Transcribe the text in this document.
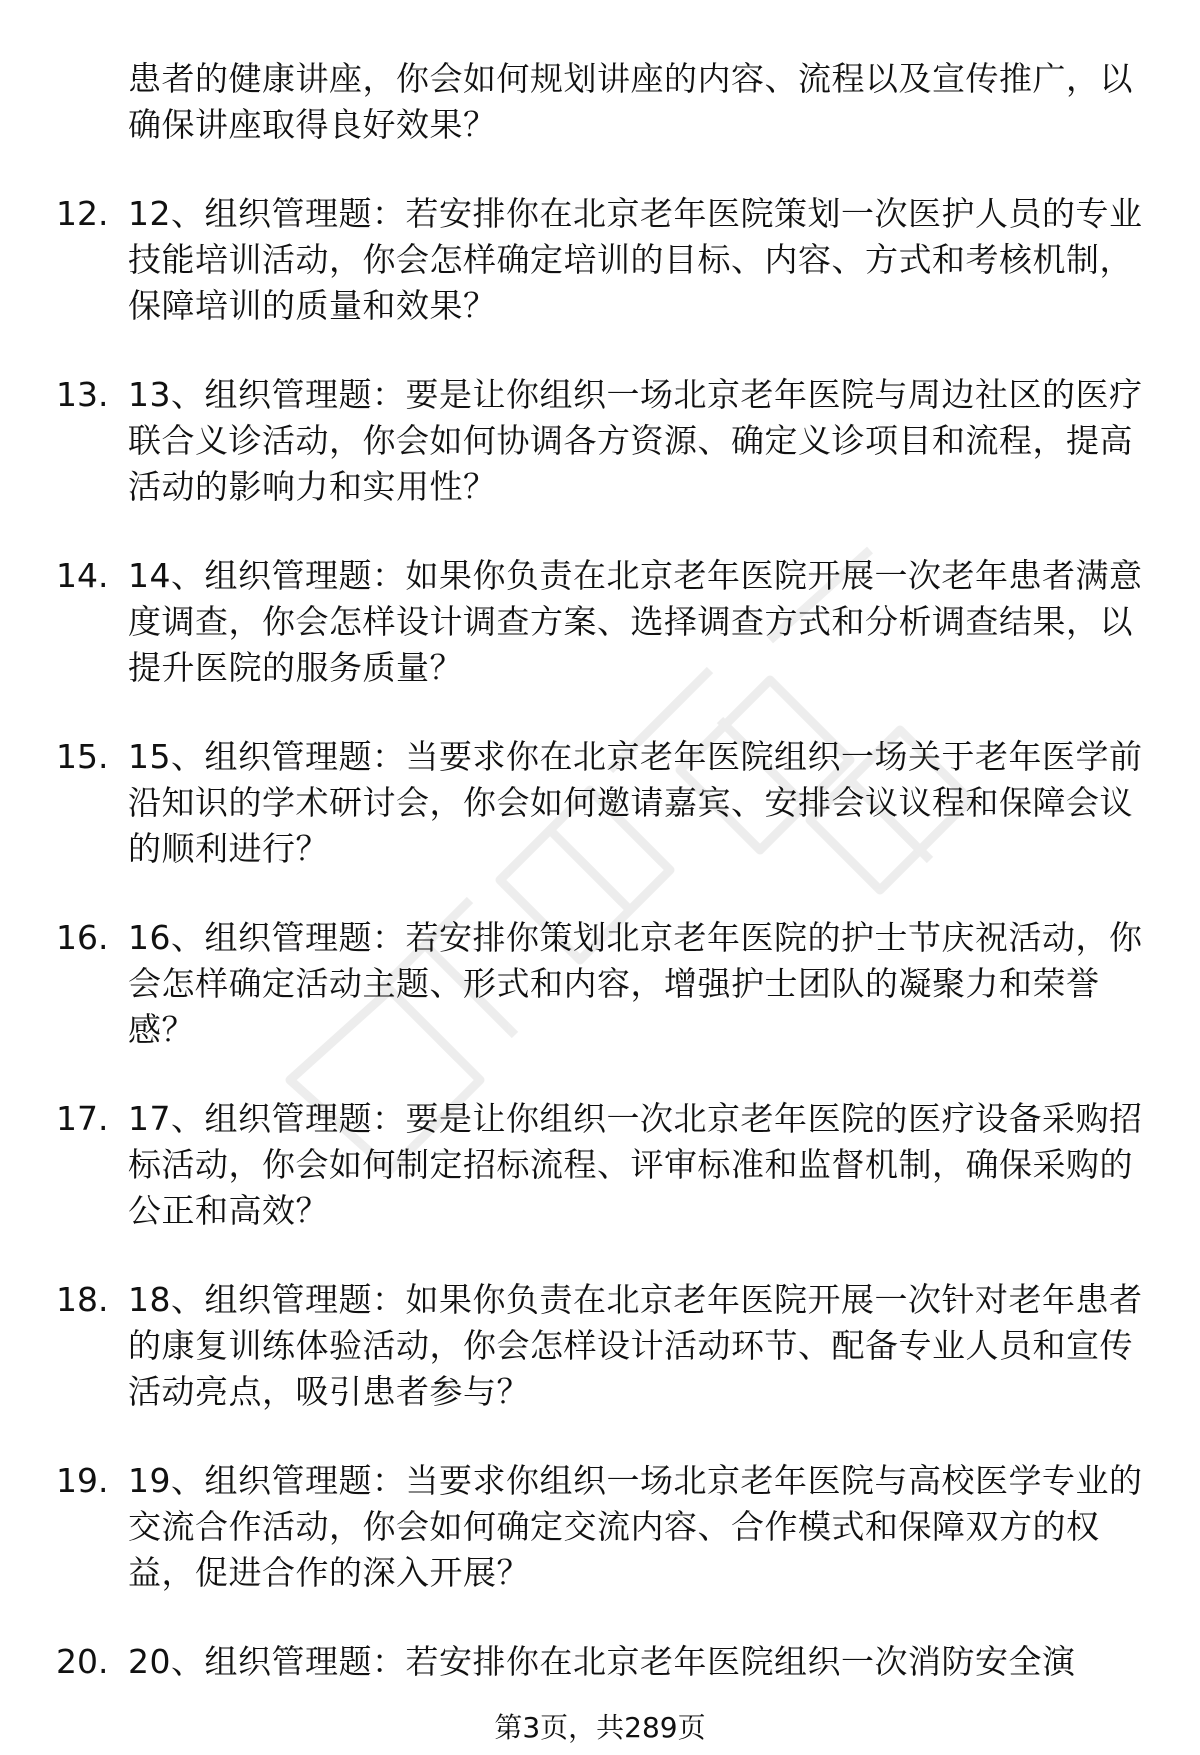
患者的健康讲座，你会如何规划讲座的内容、流程以及宣传推广，以确保讲座取得良好效果？
12. 12、组织管理题：若安排你在北京老年医院策划一次医护人员的专业技能培训活动，你会怎样确定培训的目标、内容、方式和考核机制，保障培训的质量和效果？
13. 13、组织管理题：要是让你组织一场北京老年医院与周边社区的医疗联合义诊活动，你会如何协调各方资源、确定义诊项目和流程，提高活动的影响力和实用性？
14. 14、组织管理题：如果你负责在北京老年医院开展一次老年患者满意度调查，你会怎样设计调查方案、选择调查方式和分析调查结果，以提升医院的服务质量？
15. 15、组织管理题：当要求你在北京老年医院组织一场关于老年医学前沿知识的学术研讨会，你会如何邀请嘉宾、安排会议议程和保障会议的顺利进行？
16. 16、组织管理题：若安排你策划北京老年医院的护士节庆祝活动，你会怎样确定活动主题、形式和内容，增强护士团队的凝聚力和荣誉感？
17. 17、组织管理题：要是让你组织一次北京老年医院的医疗设备采购招标活动，你会如何制定招标流程、评审标准和监督机制，确保采购的公正和高效？
18. 18、组织管理题：如果你负责在北京老年医院开展一次针对老年患者的康复训练体验活动，你会怎样设计活动环节、配备专业人员和宣传活动亮点，吸引患者参与？
19. 19、组织管理题：当要求你组织一场北京老年医院与高校医学专业的交流合作活动，你会如何确定交流内容、合作模式和保障双方的权益，促进合作的深入开展？
20. 20、组织管理题：若安排你在北京老年医院组织一次消防安全演
第3页，共289页
